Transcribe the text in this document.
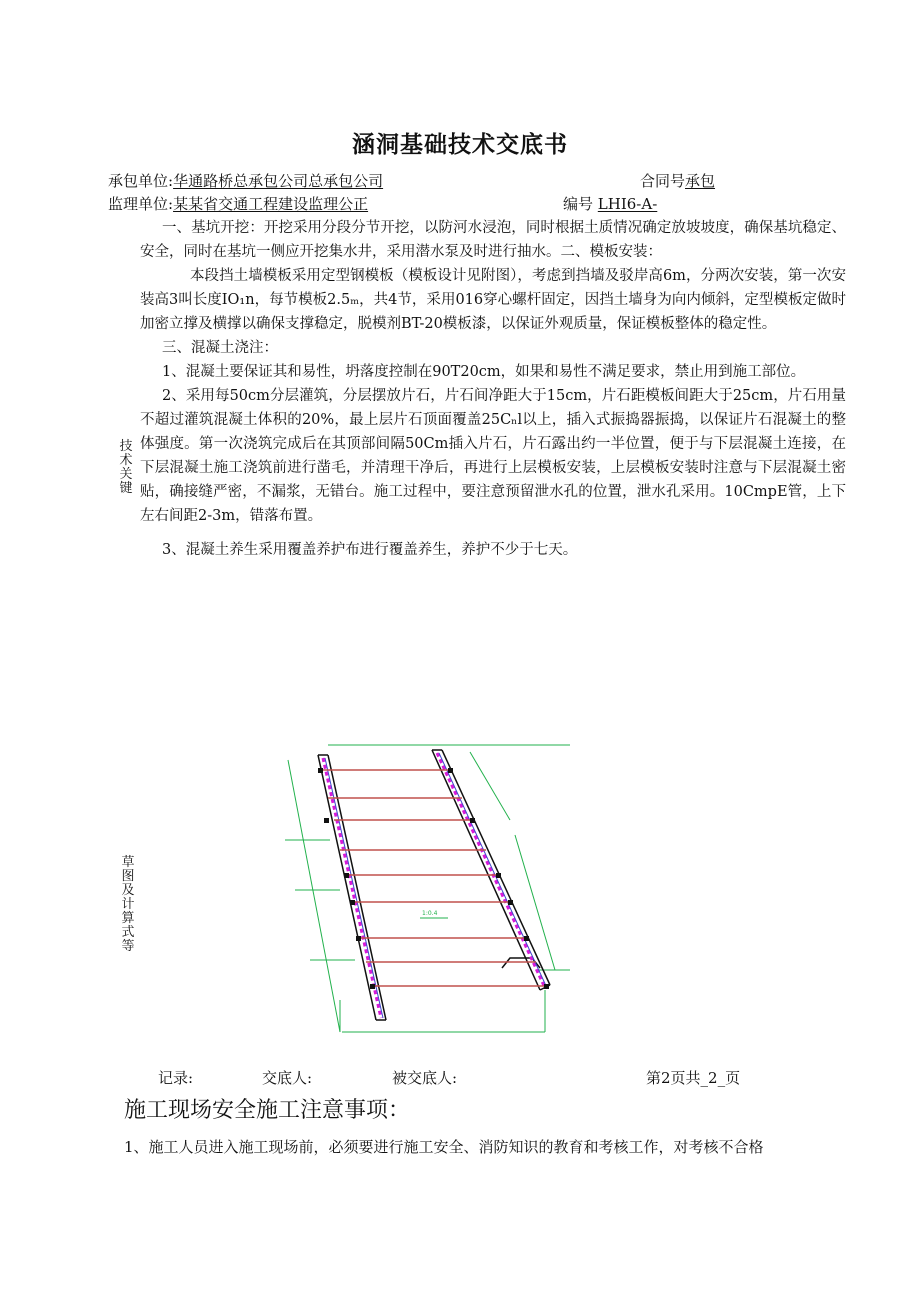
涵洞基础技术交底书
承包单位:华通路桥总承包公司总承包公司	合同号承包
监理单位:某某省交通工程建设监理公正	编号 LHI6-A-
技术关键
草图及计算式等

一、基坑开挖：开挖采用分段分节开挖，以防河水浸泡，同时根据土质情况确定放坡坡度，确保基坑稳定、安全，同时在基坑一侧应开挖集水井，采用潜水泵及时进行抽水。二、模板安装：

本段挡土墙模板采用定型钢模板（模板设计见附图），考虑到挡墙及驳岸高6m，分两次安装，第一次安装高3叫长度IO₁n，每节模板2.5ₘ，共4节，采用016穿心螺杆固定，因挡土墙身为向内倾斜，定型模板定做时加密立撑及横撑以确保支撑稳定，脱模剂BT-20模板漆，以保证外观质量，保证模板整体的稳定性。

三、混凝土浇注：

1、混凝土要保证其和易性，坍落度控制在90T20cm，如果和易性不满足要求，禁止用到施工部位。

2、采用每50cm分层灌筑，分层摆放片石，片石间净距大于15cm，片石距模板间距大于25cm，片石用量不超过灌筑混凝土体积的20%，最上层片石顶面覆盖25Cₙl以上，插入式振捣器振捣，以保证片石混凝土的整体强度。第一次浇筑完成后在其顶部间隔50Cm插入片石，片石露出约一半位置，便于与下层混凝土连接，在下层混凝土施工浇筑前进行凿毛，并清理干净后，再进行上层模板安装，上层模板安装时注意与下层混凝土密贴，确接缝严密，不漏浆，无错台。施工过程中，要注意预留泄水孔的位置，泄水孔采用。10CmpE管，上下左右间距2-3m，错落布置。

3、混凝土养生采用覆盖养护布进行覆盖养生，养护不少于七天。

1:0.4
记录:	交底人:	被交底人:	第2页共_2_页
施工现场安全施工注意事项：
1、施工人员进入施工现场前，必须要进行施工安全、消防知识的教育和考核工作，对考核不合格
